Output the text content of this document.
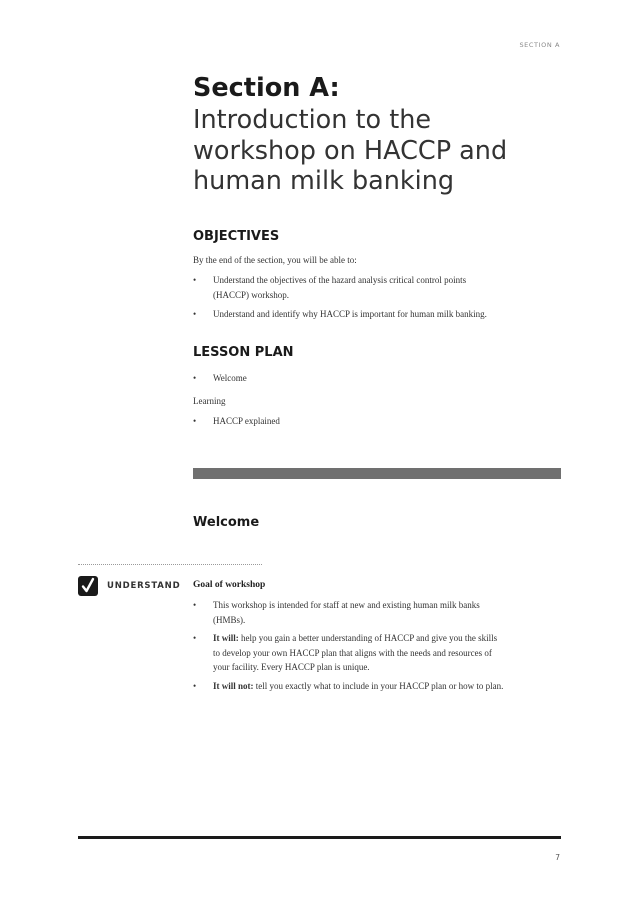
SECTION A
Section A:
Introduction to the
workshop on HACCP and
human milk banking
OBJECTIVES
By the end of the section, you will be able to:
• Understand the objectives of the hazard analysis critical control points
(HACCP) workshop.
• Understand and identify why HACCP is important for human milk banking.
LESSON PLAN
• Welcome
Learning
• HACCP explained
Welcome
UNDERSTAND Goal of workshop
• This workshop is intended for staff at new and existing human milk banks
(HMBs).
• It will: help you gain a better understanding of HACCP and give you the skills
to develop your own HACCP plan that aligns with the needs and resources of
your facility. Every HACCP plan is unique.
• It will not: tell you exactly what to include in your HACCP plan or how to plan.
7
